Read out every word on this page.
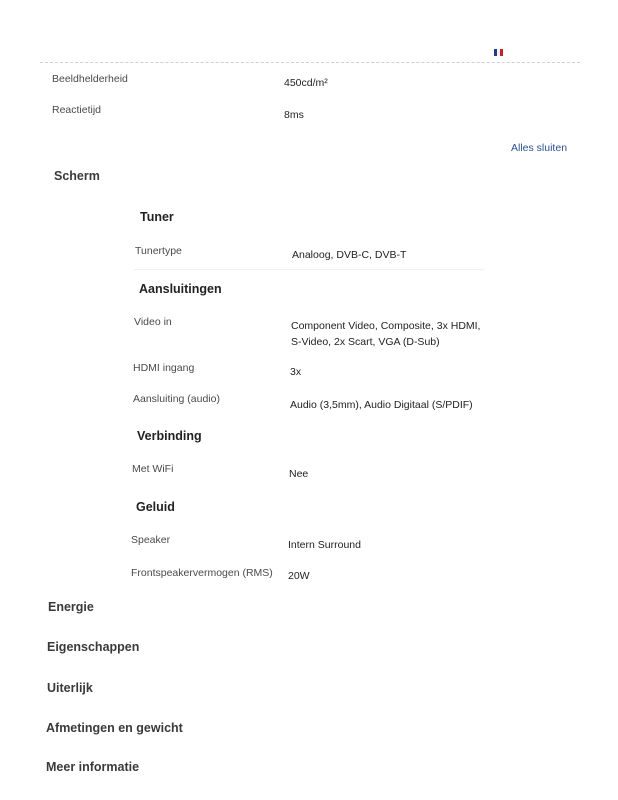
Beeldhelderheid	450cd/m²
Reactietijd	8ms
Alles sluiten
Scherm
Tuner
Tunertype	Analoog, DVB-C, DVB-T
Aansluitingen
Video in	Component Video, Composite, 3x HDMI,
S-Video, 2x Scart, VGA (D-Sub)
HDMI ingang	3x
Aansluiting (audio)	Audio (3,5mm), Audio Digitaal (S/PDIF)
Verbinding
Met WiFi	Nee
Geluid
Speaker	Intern Surround
Frontspeakervermogen (RMS) 20W
Energie
Eigenschappen
Uiterlijk
Afmetingen en gewicht
Meer informatie
